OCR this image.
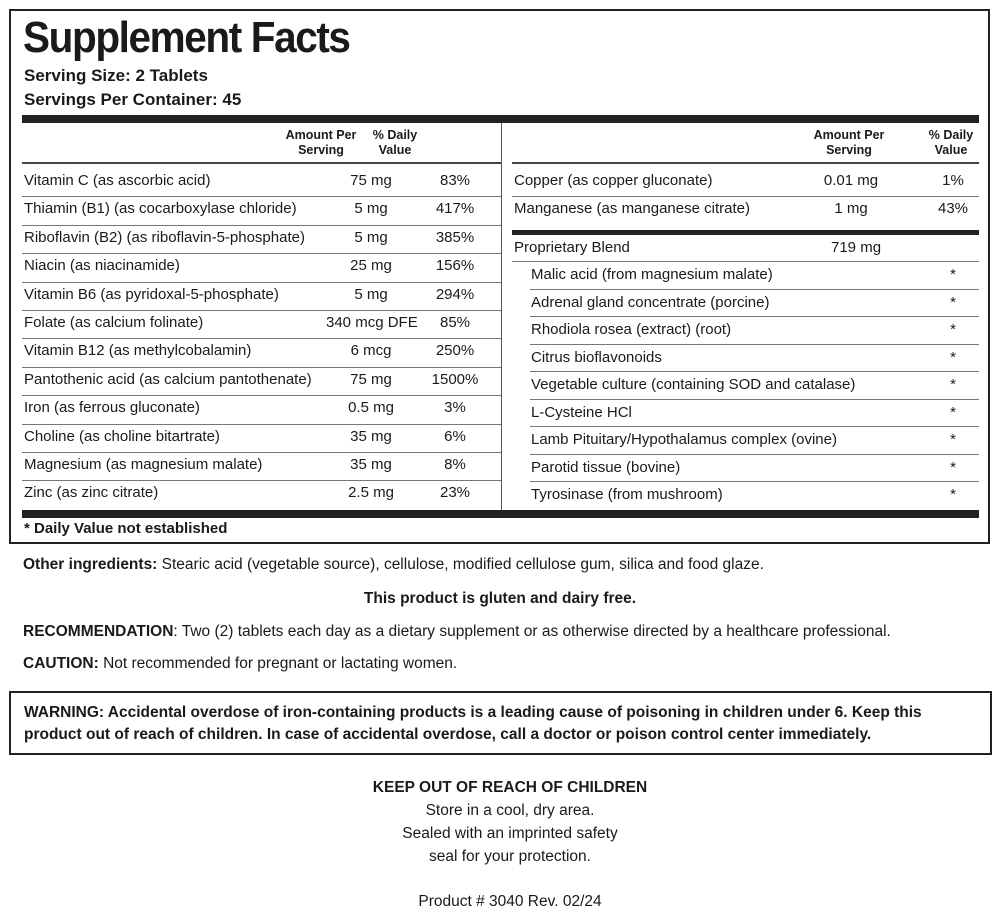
Supplement Facts
Serving Size: 2 Tablets
Servings Per Container: 45
Amount Per Serving
% Daily Value
Amount Per Serving
% Daily Value
Vitamin C (as ascorbic acid)	75 mg	83%
Thiamin (B1) (as cocarboxylase chloride)	5 mg	417%
Riboflavin (B2) (as riboflavin-5-phosphate)	5 mg	385%
Niacin (as niacinamide)	25 mg	156%
Vitamin B6 (as pyridoxal-5-phosphate)	5 mg	294%
Folate (as calcium folinate)	340 mcg DFE	85%
Vitamin B12 (as methylcobalamin)	6 mcg	250%
Pantothenic acid (as calcium pantothenate)	75 mg	1500%
Iron (as ferrous gluconate)	0.5 mg	3%
Choline (as choline bitartrate)	35 mg	6%
Magnesium (as magnesium malate)	35 mg	8%
Zinc (as zinc citrate)	2.5 mg	23%
Copper (as copper gluconate)	0.01 mg	1%
Manganese (as manganese citrate)	1 mg	43%
Proprietary Blend	719 mg
Malic acid (from magnesium malate)	*
Adrenal gland concentrate (porcine)	*
Rhodiola rosea (extract) (root)	*
Citrus bioflavonoids	*
Vegetable culture (containing SOD and catalase)	*
L-Cysteine HCl	*
Lamb Pituitary/Hypothalamus complex (ovine)	*
Parotid tissue (bovine)	*
Tyrosinase (from mushroom)	*
* Daily Value not established
Other ingredients: Stearic acid (vegetable source), cellulose, modified cellulose gum, silica and food glaze.
This product is gluten and dairy free.
RECOMMENDATION: Two (2) tablets each day as a dietary supplement or as otherwise directed by a healthcare professional.
CAUTION: Not recommended for pregnant or lactating women.
WARNING: Accidental overdose of iron-containing products is a leading cause of poisoning in children under 6. Keep this product out of reach of children. In case of accidental overdose, call a doctor or poison control center immediately.
KEEP OUT OF REACH OF CHILDREN
Store in a cool, dry area.
Sealed with an imprinted safety
seal for your protection.
Product # 3040 Rev. 02/24
